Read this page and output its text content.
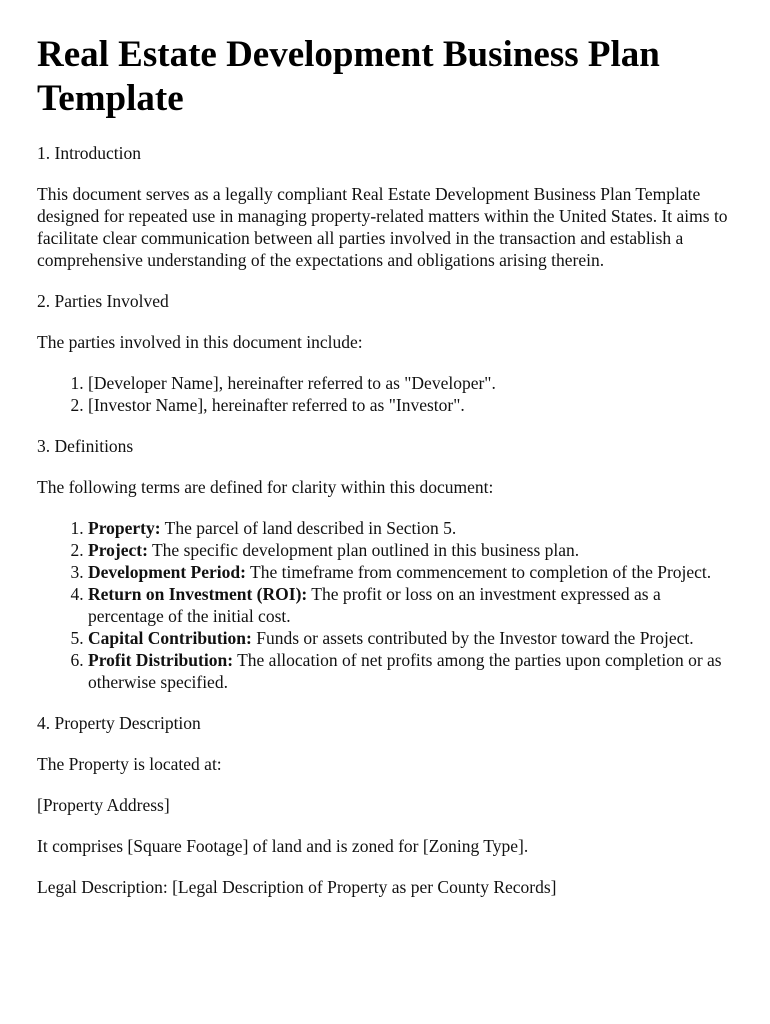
Real Estate Development Business Plan Template

1. Introduction

This document serves as a legally compliant Real Estate Development Business Plan Template designed for repeated use in managing property-related matters within the United States. It aims to facilitate clear communication between all parties involved in the transaction and establish a comprehensive understanding of the expectations and obligations arising therein.

2. Parties Involved

The parties involved in this document include:

1. [Developer Name], hereinafter referred to as "Developer".
2. [Investor Name], hereinafter referred to as "Investor".

3. Definitions

The following terms are defined for clarity within this document:

1. Property: The parcel of land described in Section 5.
2. Project: The specific development plan outlined in this business plan.
3. Development Period: The timeframe from commencement to completion of the Project.
4. Return on Investment (ROI): The profit or loss on an investment expressed as a percentage of the initial cost.
5. Capital Contribution: Funds or assets contributed by the Investor toward the Project.
6. Profit Distribution: The allocation of net profits among the parties upon completion or as otherwise specified.

4. Property Description

The Property is located at:

[Property Address]

It comprises [Square Footage] of land and is zoned for [Zoning Type].

Legal Description: [Legal Description of Property as per County Records]
